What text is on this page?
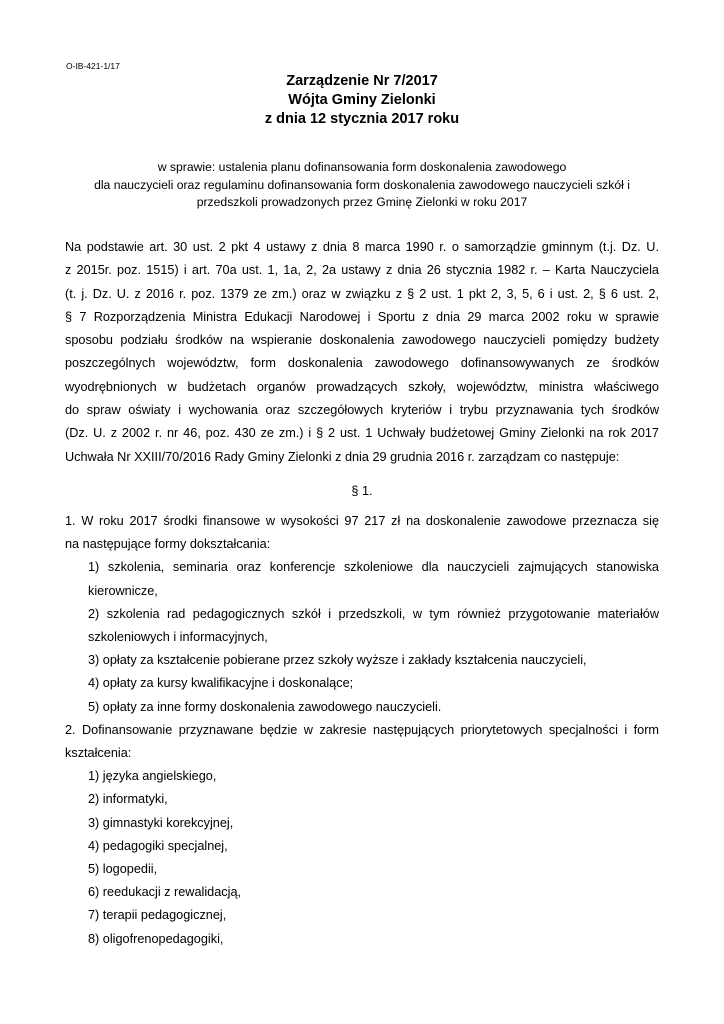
O-IB-421-1/17
Zarządzenie Nr 7/2017
Wójta Gminy Zielonki
z dnia 12 stycznia 2017 roku
w sprawie: ustalenia planu dofinansowania form doskonalenia zawodowego
dla nauczycieli oraz regulaminu dofinansowania form doskonalenia zawodowego nauczycieli szkół i
przedszkoli prowadzonych przez Gminę Zielonki w roku 2017
Na podstawie art. 30 ust. 2 pkt 4 ustawy z dnia 8 marca 1990 r. o samorządzie gminnym (t.j. Dz. U.
z 2015r. poz. 1515) i art. 70a ust. 1, 1a, 2, 2a ustawy z dnia 26 stycznia 1982 r. – Karta Nauczyciela
(t. j. Dz. U. z 2016 r. poz. 1379 ze zm.) oraz w związku z § 2 ust. 1 pkt 2, 3, 5, 6 i ust. 2, § 6 ust. 2,
§ 7 Rozporządzenia Ministra Edukacji Narodowej i Sportu z dnia 29 marca 2002 roku w sprawie
sposobu podziału środków na wspieranie doskonalenia zawodowego nauczycieli pomiędzy budżety
poszczególnych województw, form doskonalenia zawodowego dofinansowywanych ze środków
wyodrębnionych w budżetach organów prowadzących szkoły, województw, ministra właściwego
do spraw oświaty i wychowania oraz szczegółowych kryteriów i trybu przyznawania tych środków
(Dz. U. z 2002 r. nr 46, poz. 430 ze zm.) i § 2 ust. 1 Uchwały budżetowej Gminy Zielonki na rok 2017
Uchwała Nr XXIII/70/2016 Rady Gminy Zielonki z dnia 29 grudnia 2016 r. zarządzam co następuje:
§ 1.
1. W roku 2017 środki finansowe w wysokości 97 217 zł na doskonalenie zawodowe przeznacza się
na następujące formy dokształcania:
1) szkolenia, seminaria oraz konferencje szkoleniowe dla nauczycieli zajmujących stanowiska
kierownicze,
2) szkolenia rad pedagogicznych szkół i przedszkoli, w tym również przygotowanie materiałów
szkoleniowych i informacyjnych,
3) opłaty za kształcenie pobierane przez szkoły wyższe i zakłady kształcenia nauczycieli,
4) opłaty za kursy kwalifikacyjne i doskonalące;
5) opłaty za inne formy doskonalenia zawodowego nauczycieli.
2. Dofinansowanie przyznawane będzie w zakresie następujących priorytetowych specjalności i form
kształcenia:
1) języka angielskiego,
2) informatyki,
3) gimnastyki korekcyjnej,
4) pedagogiki specjalnej,
5) logopedii,
6) reedukacji z rewalidacją,
7) terapii pedagogicznej,
8) oligofrenopedagogiki,
